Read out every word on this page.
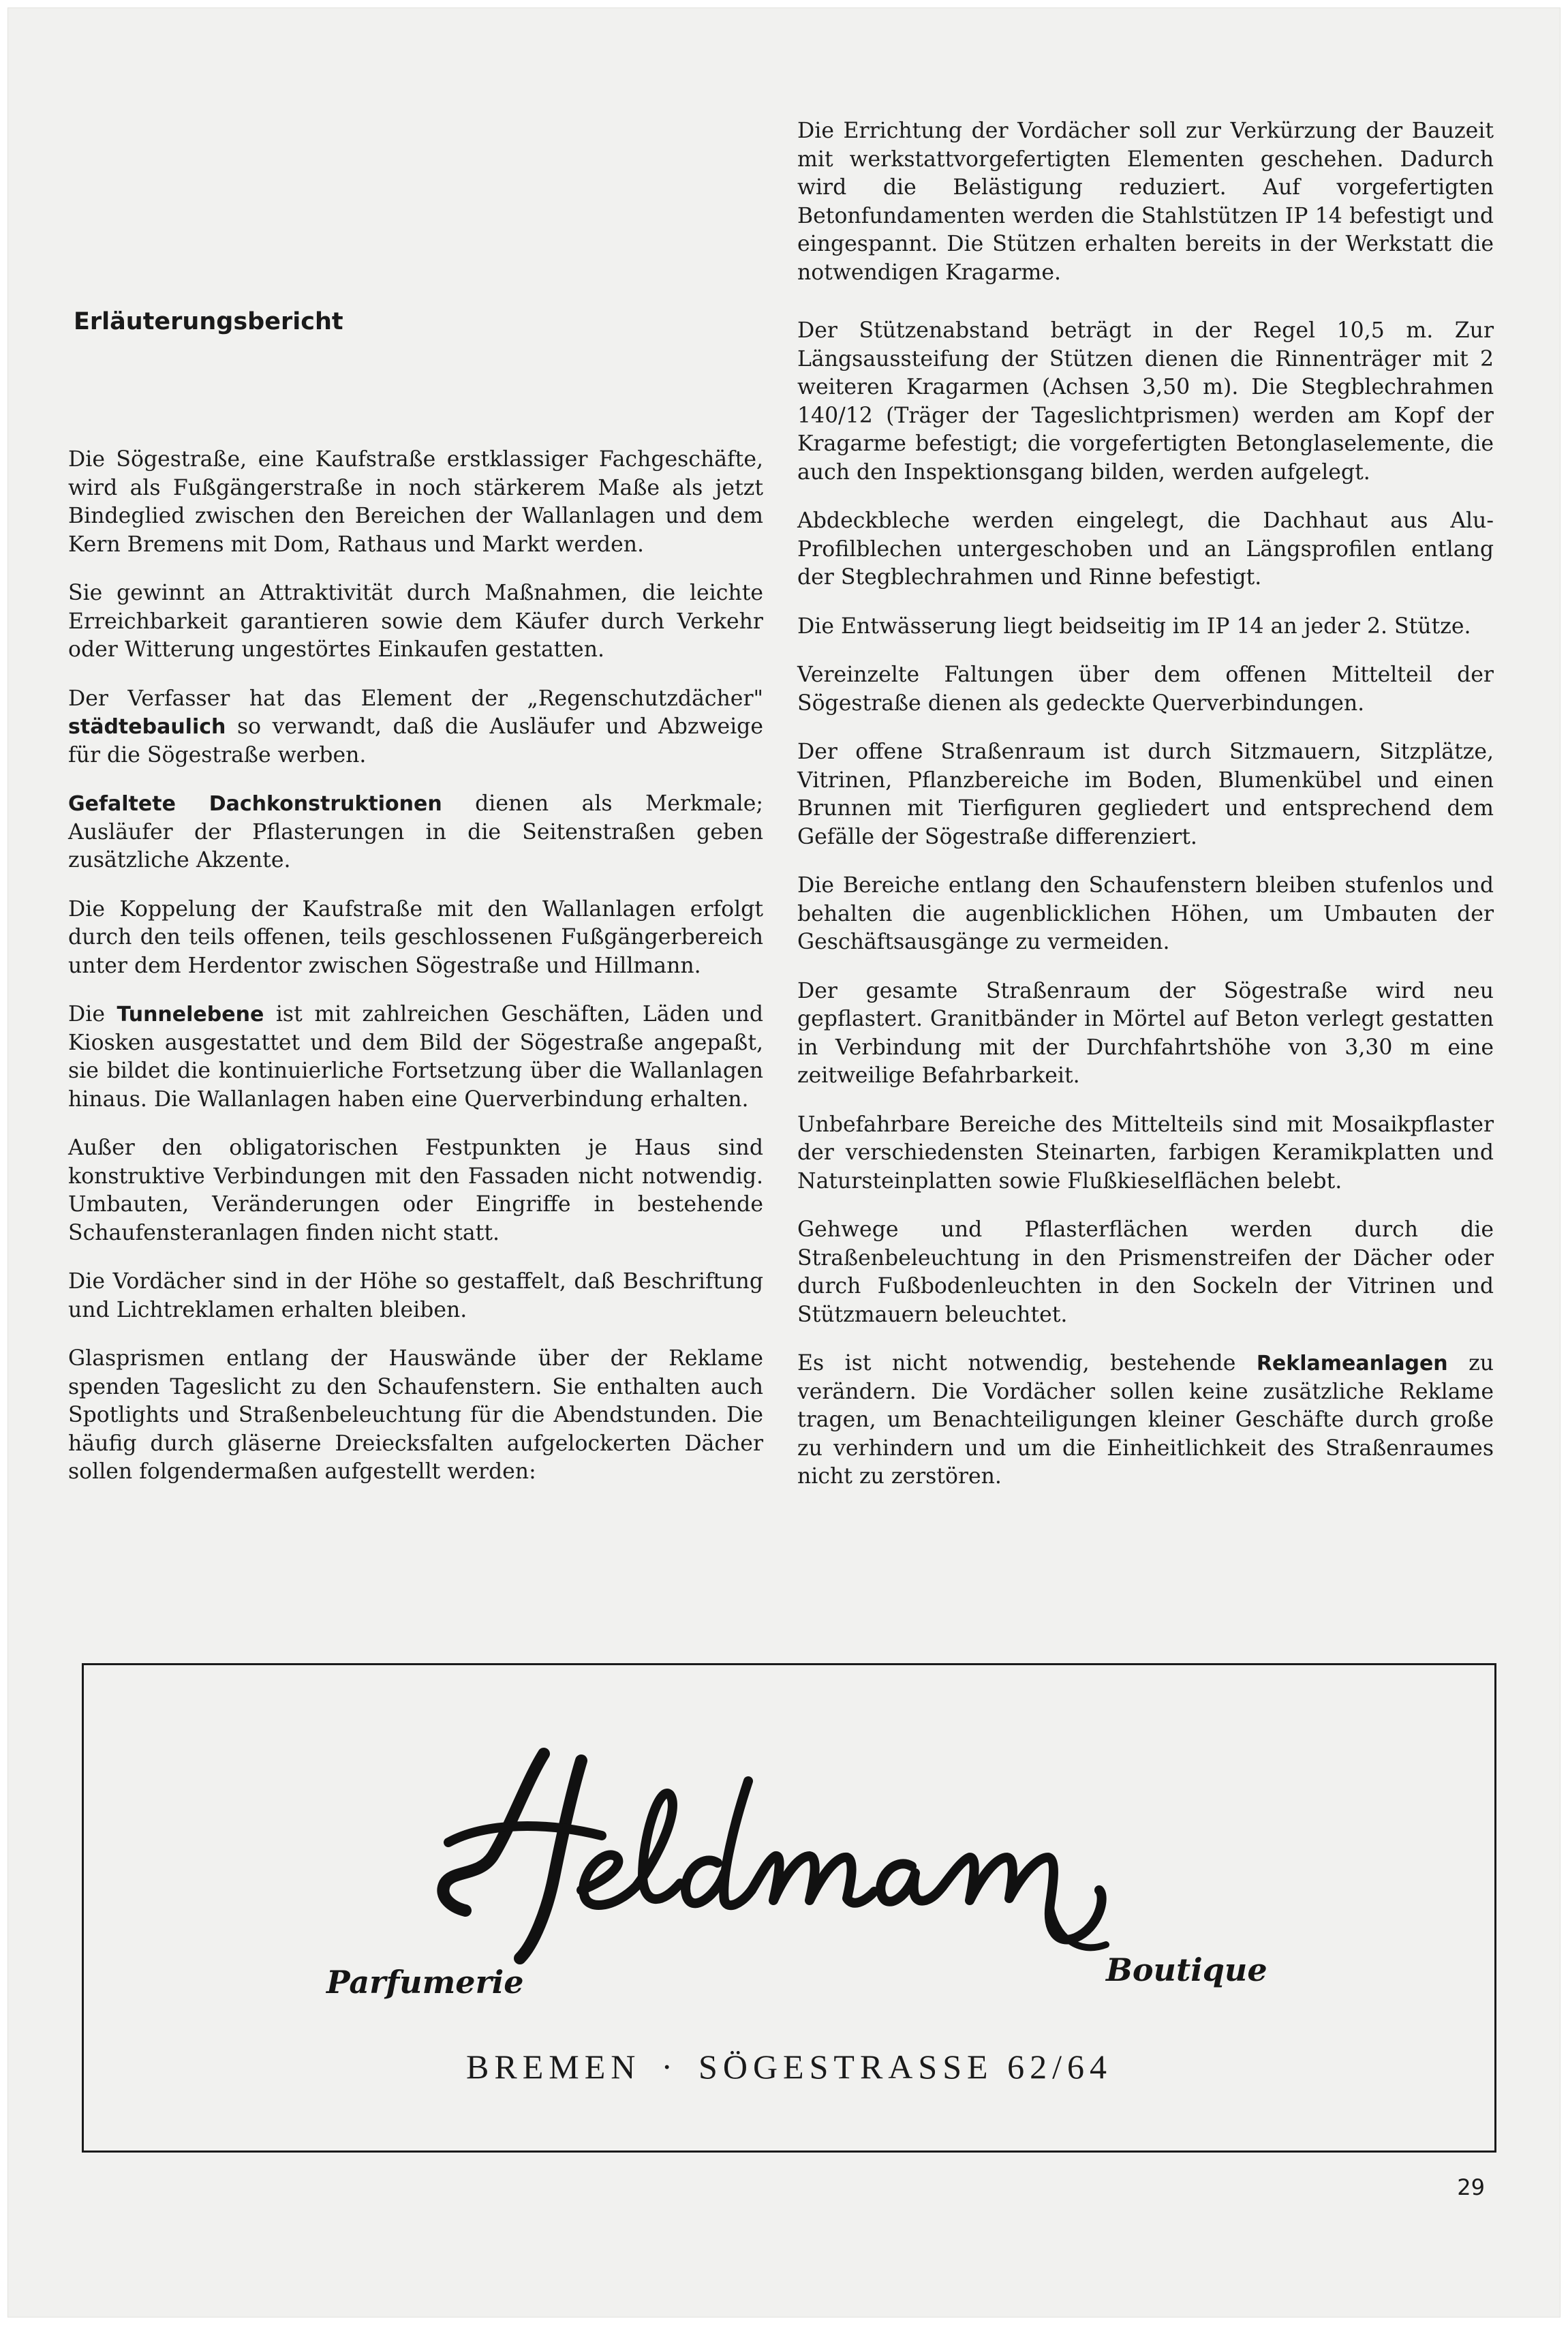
Erläuterungsbericht

Die Sögestraße, eine Kaufstraße erstklassiger Fachgeschäfte, wird als Fußgängerstraße in noch stärkerem Maße als jetzt Bindeglied zwischen den Bereichen der Wallanlagen und dem Kern Bremens mit Dom, Rathaus und Markt werden.

Sie gewinnt an Attraktivität durch Maßnahmen, die leichte Erreichbarkeit garantieren sowie dem Käufer durch Verkehr oder Witterung ungestörtes Einkaufen gestatten.

Der Verfasser hat das Element der „Regenschutzdächer" städtebaulich so verwandt, daß die Ausläufer und Abzweige für die Sögestraße werben.

Gefaltete Dachkonstruktionen dienen als Merkmale; Ausläufer der Pflasterungen in die Seitenstraßen geben zusätzliche Akzente.

Die Koppelung der Kaufstraße mit den Wallanlagen erfolgt durch den teils offenen, teils geschlossenen Fußgängerbereich unter dem Herdentor zwischen Sögestraße und Hillmann.

Die Tunnelebene ist mit zahlreichen Geschäften, Läden und Kiosken ausgestattet und dem Bild der Sögestraße angepaßt, sie bildet die kontinuierliche Fortsetzung über die Wallanlagen hinaus. Die Wallanlagen haben eine Querverbindung erhalten.

Außer den obligatorischen Festpunkten je Haus sind konstruktive Verbindungen mit den Fassaden nicht notwendig. Umbauten, Veränderungen oder Eingriffe in bestehende Schaufensteranlagen finden nicht statt.

Die Vordächer sind in der Höhe so gestaffelt, daß Beschriftung und Lichtreklamen erhalten bleiben.

Glasprismen entlang der Hauswände über der Reklame spenden Tageslicht zu den Schaufenstern. Sie enthalten auch Spotlights und Straßenbeleuchtung für die Abendstunden. Die häufig durch gläserne Dreiecksfalten aufgelockerten Dächer sollen folgendermaßen aufgestellt werden:

Die Errichtung der Vordächer soll zur Verkürzung der Bauzeit mit werkstattvorgefertigten Elementen geschehen. Dadurch wird die Belästigung reduziert. Auf vorgefertigten Betonfundamenten werden die Stahlstützen IP 14 befestigt und eingespannt. Die Stützen erhalten bereits in der Werkstatt die notwendigen Kragarme.

Der Stützenabstand beträgt in der Regel 10,5 m. Zur Längsaussteifung der Stützen dienen die Rinnenträger mit 2 weiteren Kragarmen (Achsen 3,50 m). Die Stegblechrahmen 140/12 (Träger der Tageslichtprismen) werden am Kopf der Kragarme befestigt; die vorgefertigten Betonglaselemente, die auch den Inspektionsgang bilden, werden aufgelegt.

Abdeckbleche werden eingelegt, die Dachhaut aus Alu-Profilblechen untergeschoben und an Längsprofilen entlang der Stegblechrahmen und Rinne befestigt.

Die Entwässerung liegt beidseitig im IP 14 an jeder 2. Stütze.

Vereinzelte Faltungen über dem offenen Mittelteil der Sögestraße dienen als gedeckte Querverbindungen.

Der offene Straßenraum ist durch Sitzmauern, Sitzplätze, Vitrinen, Pflanzbereiche im Boden, Blumenkübel und einen Brunnen mit Tierfiguren gegliedert und entsprechend dem Gefälle der Sögestraße differenziert.

Die Bereiche entlang den Schaufenstern bleiben stufenlos und behalten die augenblicklichen Höhen, um Umbauten der Geschäftsausgänge zu vermeiden.

Der gesamte Straßenraum der Sögestraße wird neu gepflastert. Granitbänder in Mörtel auf Beton verlegt gestatten in Verbindung mit der Durchfahrtshöhe von 3,30 m eine zeitweilige Befahrbarkeit.

Unbefahrbare Bereiche des Mittelteils sind mit Mosaikpflaster der verschiedensten Steinarten, farbigen Keramikplatten und Natursteinplatten sowie Flußkieselflächen belebt.

Gehwege und Pflasterflächen werden durch die Straßenbeleuchtung in den Prismenstreifen der Dächer oder durch Fußbodenleuchten in den Sockeln der Vitrinen und Stützmauern beleuchtet.

Es ist nicht notwendig, bestehende Reklameanlagen zu verändern. Die Vordächer sollen keine zusätzliche Reklame tragen, um Benachteiligungen kleiner Geschäfte durch große zu verhindern und um die Einheitlichkeit des Straßenraumes nicht zu zerstören.

Parfumerie	Boutique
BREMEN · SÖGESTRASSE 62/64
29
